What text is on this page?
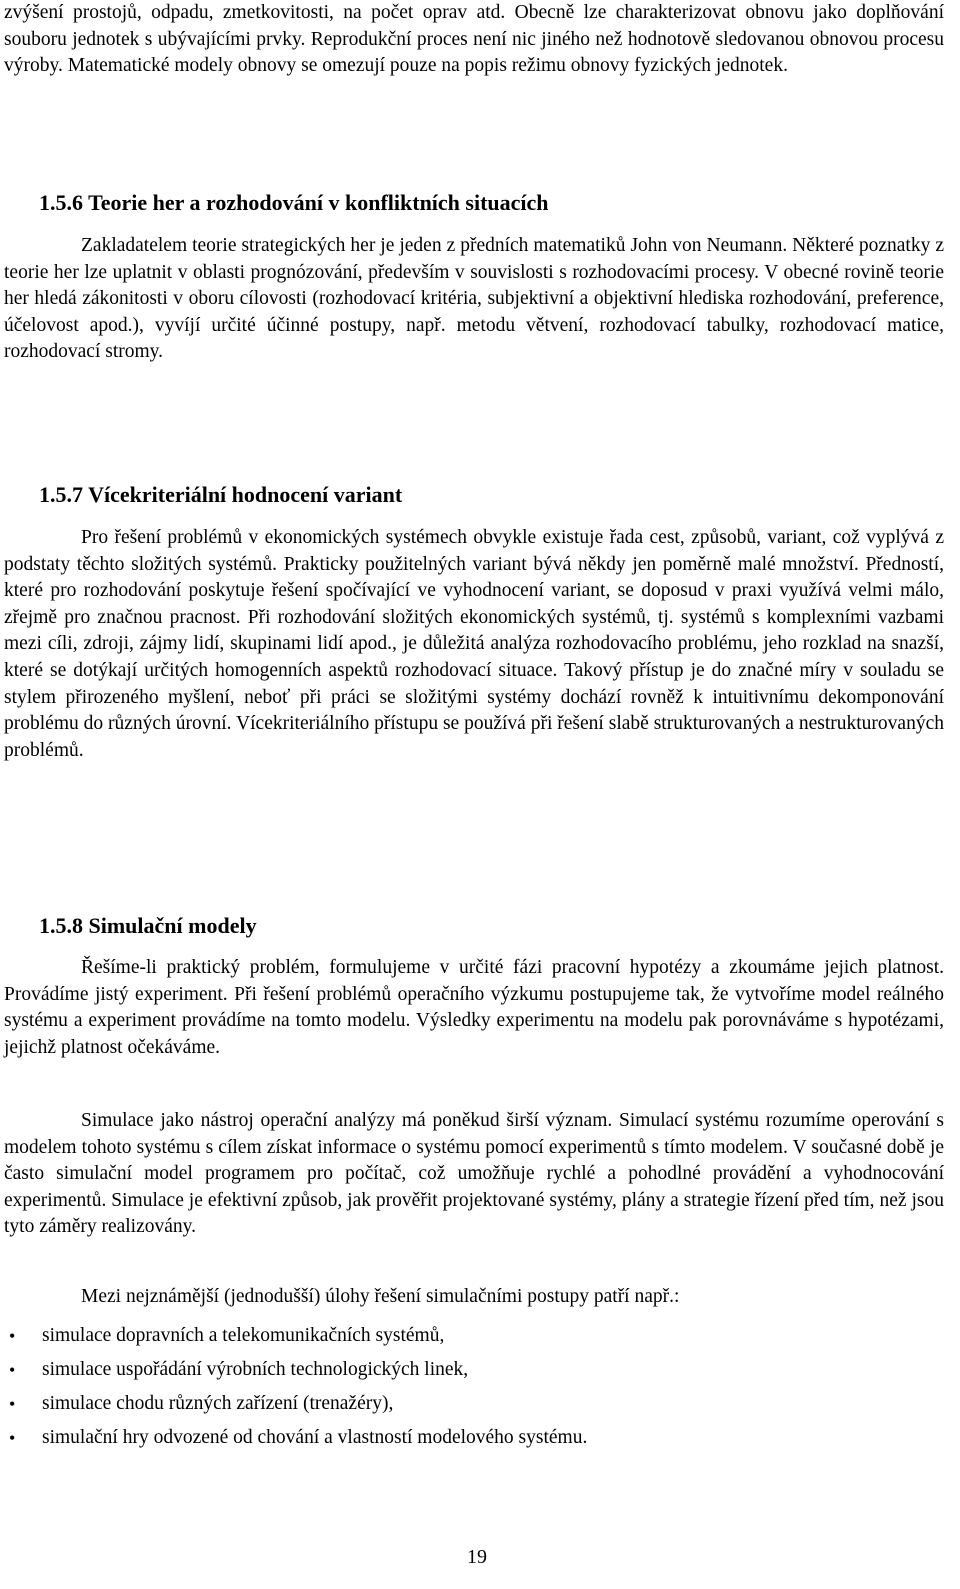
zvýšení prostojů, odpadu, zmetkovitosti, na počet oprav atd. Obecně lze charakterizovat obnovu jako doplňování souboru jednotek s ubývajícími prvky. Reprodukční proces není nic jiného než hodnotově sledovanou obnovou procesu výroby. Matematické modely obnovy se omezují pouze na popis režimu obnovy fyzických jednotek.

1.5.6 Teorie her a rozhodování v konfliktních situacích

Zakladatelem teorie strategických her je jeden z předních matematiků John von Neumann. Některé poznatky z teorie her lze uplatnit v oblasti prognózování, především v souvislosti s rozhodovacími procesy. V obecné rovině teorie her hledá zákonitosti v oboru cílovosti (rozhodovací kritéria, subjektivní a objektivní hlediska rozhodování, preference, účelovost apod.), vyvíjí určité účinné postupy, např. metodu větvení, rozhodovací tabulky, rozhodovací matice, rozhodovací stromy.

1.5.7 Vícekriteriální hodnocení variant

Pro řešení problémů v ekonomických systémech obvykle existuje řada cest, způsobů, variant, což vyplývá z podstaty těchto složitých systémů. Prakticky použitelných variant bývá někdy jen poměrně malé množství. Předností, které pro rozhodování poskytuje řešení spočívající ve vyhodnocení variant, se doposud v praxi využívá velmi málo, zřejmě pro značnou pracnost. Při rozhodování složitých ekonomických systémů, tj. systémů s komplexními vazbami mezi cíli, zdroji, zájmy lidí, skupinami lidí apod., je důležitá analýza rozhodovacího problému, jeho rozklad na snazší, které se dotýkají určitých homogenních aspektů rozhodovací situace. Takový přístup je do značné míry v souladu se stylem přirozeného myšlení, neboť při práci se složitými systémy dochází rovněž k intuitivnímu dekomponování problému do různých úrovní. Vícekriteriálního přístupu se používá při řešení slabě strukturovaných a nestrukturovaných problémů.

1.5.8 Simulační modely

Řešíme-li praktický problém, formulujeme v určité fázi pracovní hypotézy a zkoumáme jejich platnost. Provádíme jistý experiment. Při řešení problémů operačního výzkumu postupujeme tak, že vytvoříme model reálného systému a experiment provádíme na tomto modelu. Výsledky experimentu na modelu pak porovnáváme s hypotézami, jejichž platnost očekáváme.

Simulace jako nástroj operační analýzy má poněkud širší význam. Simulací systému rozumíme operování s modelem tohoto systému s cílem získat informace o systému pomocí experimentů s tímto modelem. V současné době je často simulační model programem pro počítač, což umožňuje rychlé a pohodlné provádění a vyhodnocování experimentů. Simulace je efektivní způsob, jak prověřit projektované systémy, plány a strategie řízení před tím, než jsou tyto záměry realizovány.

Mezi nejznámější (jednodušší) úlohy řešení simulačními postupy patří např.:

• simulace dopravních a telekomunikačních systémů,
• simulace uspořádání výrobních technologických linek,
• simulace chodu různých zařízení (trenažéry),
• simulační hry odvozené od chování a vlastností modelového systému.
19
